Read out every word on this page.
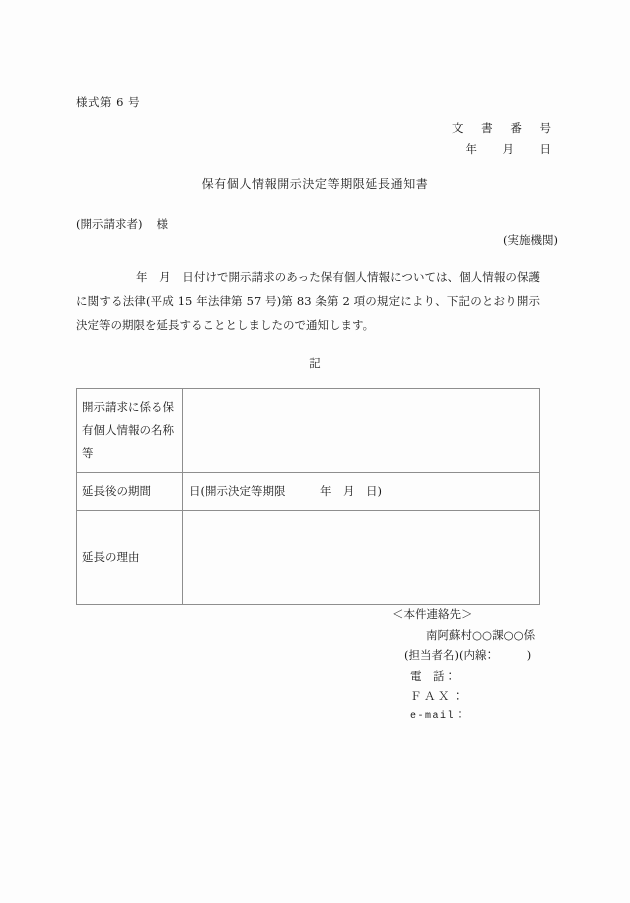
様式第 6 号
文 書 番 号
年　月　日
保有個人情報開示決定等期限延長通知書
(開示請求者) 様
(実施機関)
年　月　日付けで開示請求のあった保有個人情報については、個人情報の保護に関する法律(平成 15 年法律第 57 号)第 83 条第 2 項の規定により、下記のとおり開示決定等の期限を延長することとしましたので通知します。
記
開示請求に係る保有個人情報の名称等	
延長後の期間	日(開示決定等期限　　　年　月　日)
延長の理由	
＜本件連絡先＞
南阿蘇村○○課○○係
(担当者名)(内線：　　　)
電　話：
ＦＡＸ：
e-mail：
